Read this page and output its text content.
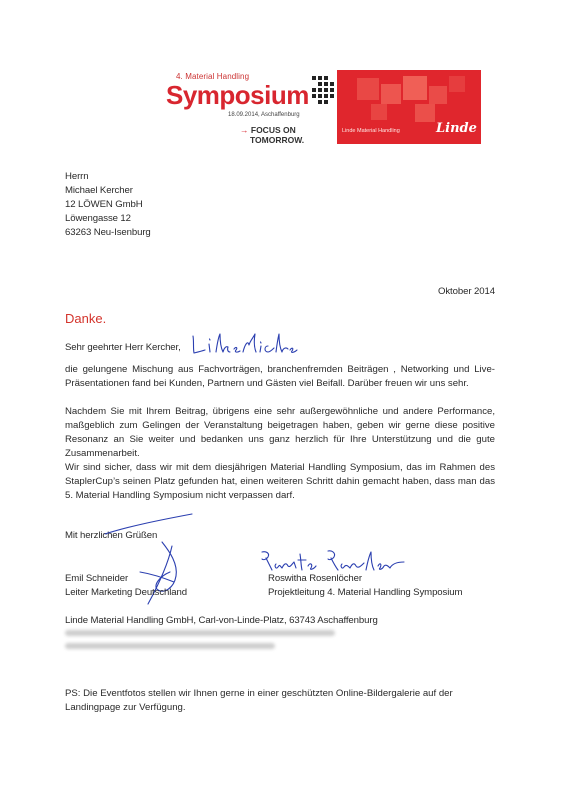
4. Material Handling
Symposium
18.09.2014, Aschaffenburg
→ FOCUS ON
TOMORROW.
Linde Material Handling	Linde
Herrn
Michael Kercher
12 LÖWEN GmbH
Löwengasse 12
63263 Neu-Isenburg
Oktober 2014
Danke.
Sehr geehrter Herr Kercher,
die gelungene Mischung aus Fachvorträgen, branchenfremden Beiträgen , Networking und Live-Präsentationen fand bei Kunden, Partnern und Gästen viel Beifall. Darüber freuen wir uns sehr.
Nachdem Sie mit Ihrem Beitrag, übrigens eine sehr außergewöhnliche und andere Performance, maßgeblich zum Gelingen der Veranstaltung beigetragen haben, geben wir gerne diese positive Resonanz an Sie weiter und bedanken uns ganz herzlich für Ihre Unterstützung und die gute Zusammenarbeit.
Wir sind sicher, dass wir mit dem diesjährigen Material Handling Symposium, das im Rahmen des StaplerCup’s seinen Platz gefunden hat, einen weiteren Schritt dahin gemacht haben, dass man das 5. Material Handling Symposium nicht verpassen darf.
Mit herzlichen Grüßen
Emil Schneider
Leiter Marketing Deutschland
Roswitha Rosenlöcher
Projektleitung 4. Material Handling Symposium
Linde Material Handling GmbH, Carl-von-Linde-Platz, 63743 Aschaffenburg
PS: Die Eventfotos stellen wir Ihnen gerne in einer geschützten Online-Bildergalerie auf der Landingpage zur Verfügung.
